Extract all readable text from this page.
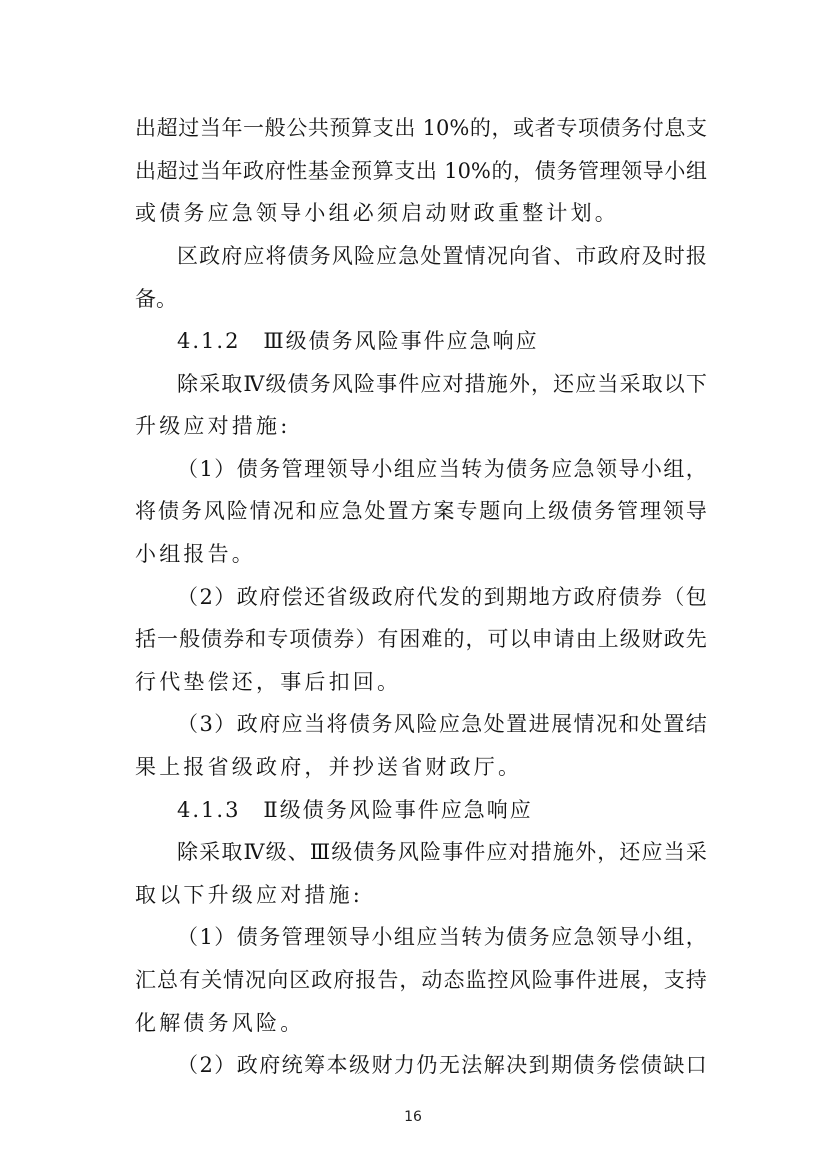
出 超 过 当 年 一 般 公 共 预 算 支 出 10% 的 ， 或 者 专 项 债 务 付 息 支
出 超 过 当 年 政 府 性 基 金 预 算 支 出 10% 的 ， 债 务 管 理 领 导 小 组
或债务应急领导小组必须启动财政重整计划。
区 政 府 应 将 债 务 风 险 应 急 处 置 情 况 向 省 、 市 政 府 及 时 报
备。
4.1.2　Ⅲ级债务风险事件应急响应
除 采 取 Ⅳ 级 债 务 风 险 事 件 应 对 措 施 外 ， 还 应 当 采 取 以 下
升级应对措施:
（ 1 ） 债 务 管 理 领 导 小 组 应 当 转 为 债 务 应 急 领 导 小 组 ，
将 债 务 风 险 情 况 和 应 急 处 置 方 案 专 题 向 上 级 债 务 管 理 领 导
小组报告。
（ 2 ） 政 府 偿 还 省 级 政 府 代 发 的 到 期 地 方 政 府 债 券 （ 包
括 一 般 债 券 和 专 项 债 券 ） 有 困 难 的 ， 可 以 申 请 由 上 级 财 政 先
行代垫偿还，事后扣回。
（ 3 ） 政 府 应 当 将 债 务 风 险 应 急 处 置 进 展 情 况 和 处 置 结
果上报省级政府，并抄送省财政厅。
4.1.3　Ⅱ级债务风险事件应急响应
除 采 取 Ⅳ 级 、 Ⅲ 级 债 务 风 险 事 件 应 对 措 施 外 ， 还 应 当 采
取以下升级应对措施:
（ 1 ） 债 务 管 理 领 导 小 组 应 当 转 为 债 务 应 急 领 导 小 组 ，
汇 总 有 关 情 况 向 区 政 府 报 告 ， 动 态 监 控 风 险 事 件 进 展 ， 支 持
化解债务风险。
（ 2 ） 政 府 统 筹 本 级 财 力 仍 无 法 解 决 到 期 债 务 偿 债 缺 口
16
